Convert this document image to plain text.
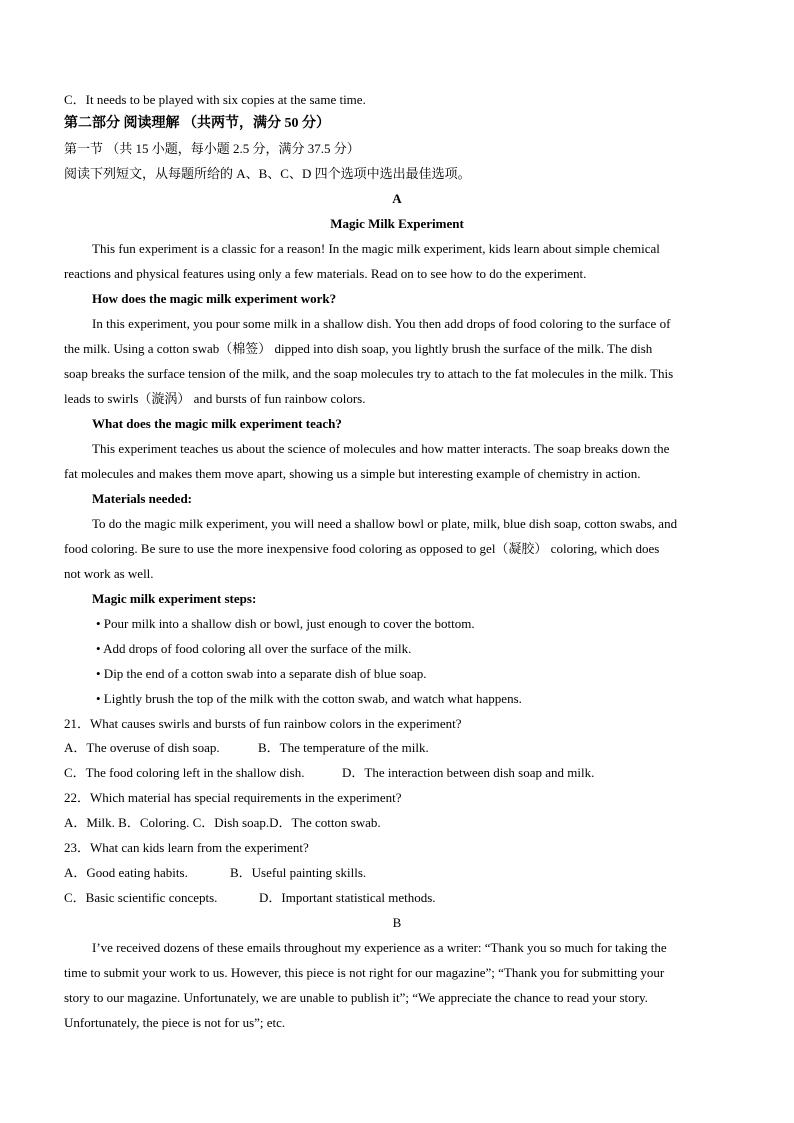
C．It needs to be played with six copies at the same time.
第二部分 阅读理解 （共两节，满分 50 分）
第一节 （共 15 小题，每小题 2.5 分，满分 37.5 分）
阅读下列短文，从每题所给的 A、B、C、D 四个选项中选出最佳选项。
A
Magic Milk Experiment
This fun experiment is a classic for a reason! In the magic milk experiment, kids learn about simple chemical
reactions and physical features using only a few materials. Read on to see how to do the experiment.
How does the magic milk experiment work?
In this experiment, you pour some milk in a shallow dish. You then add drops of food coloring to the surface of
the milk. Using a cotton swab（棉签） dipped into dish soap, you lightly brush the surface of the milk. The dish
soap breaks the surface tension of the milk, and the soap molecules try to attach to the fat molecules in the milk. This
leads to swirls（漩涡） and bursts of fun rainbow colors.
What does the magic milk experiment teach?
This experiment teaches us about the science of molecules and how matter interacts. The soap breaks down the
fat molecules and makes them move apart, showing us a simple but interesting example of chemistry in action.
Materials needed:
To do the magic milk experiment, you will need a shallow bowl or plate, milk, blue dish soap, cotton swabs, and
food coloring. Be sure to use the more inexpensive food coloring as opposed to gel（凝胶） coloring, which does
not work as well.
Magic milk experiment steps:
• Pour milk into a shallow dish or bowl, just enough to cover the bottom.
• Add drops of food coloring all over the surface of the milk.
• Dip the end of a cotton swab into a separate dish of blue soap.
• Lightly brush the top of the milk with the cotton swab, and watch what happens.
21．What causes swirls and bursts of fun rainbow colors in the experiment?
A．The overuse of dish soap.	B．The temperature of the milk.
C．The food coloring left in the shallow dish.	D．The interaction between dish soap and milk.
22．Which material has special requirements in the experiment?
A．Milk. B．Coloring. C．Dish soap.D．The cotton swab.
23．What can kids learn from the experiment?
A．Good eating habits.	B．Useful painting skills.
C．Basic scientific concepts.	D．Important statistical methods.
B
I’ve received dozens of these emails throughout my experience as a writer: “Thank you so much for taking the
time to submit your work to us. However, this piece is not right for our magazine”; “Thank you for submitting your
story to our magazine. Unfortunately, we are unable to publish it”; “We appreciate the chance to read your story.
Unfortunately, the piece is not for us”; etc.
